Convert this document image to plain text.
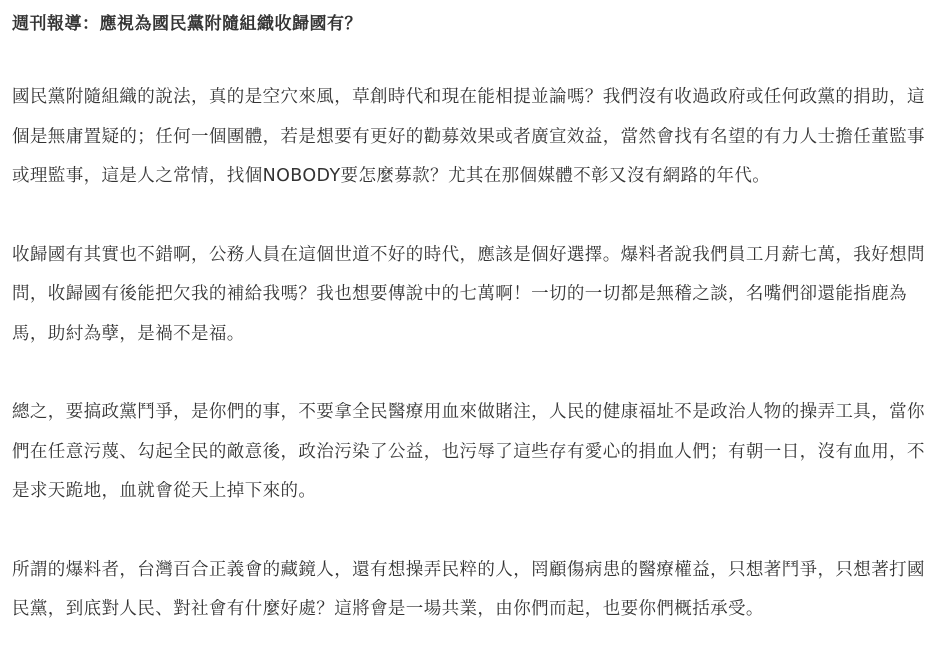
週刊報導：應視為國民黨附隨組織收歸國有？

國民黨附隨組織的說法，真的是空穴來風，草創時代和現在能相提並論嗎？我們沒有收過政府或任何政黨的捐助，這個是無庸置疑的；任何一個團體，若是想要有更好的勸募效果或者廣宣效益，當然會找有名望的有力人士擔任董監事或理監事，這是人之常情，找個NOBODY要怎麼募款？尤其在那個媒體不彰又沒有網路的年代。

收歸國有其實也不錯啊，公務人員在這個世道不好的時代，應該是個好選擇。爆料者說我們員工月薪七萬，我好想問問，收歸國有後能把欠我的補給我嗎？我也想要傳說中的七萬啊！一切的一切都是無稽之談，名嘴們卻還能指鹿為馬，助紂為孽，是禍不是福。

總之，要搞政黨鬥爭，是你們的事，不要拿全民醫療用血來做賭注，人民的健康福址不是政治人物的操弄工具，當你們在任意污蔑、勾起全民的敵意後，政治污染了公益，也污辱了這些存有愛心的捐血人們；有朝一日，沒有血用，不是求天跪地，血就會從天上掉下來的。

所謂的爆料者，台灣百合正義會的藏鏡人，還有想操弄民粹的人，罔顧傷病患的醫療權益，只想著鬥爭，只想著打國民黨，到底對人民、對社會有什麼好處？這將會是一場共業，由你們而起，也要你們概括承受。
